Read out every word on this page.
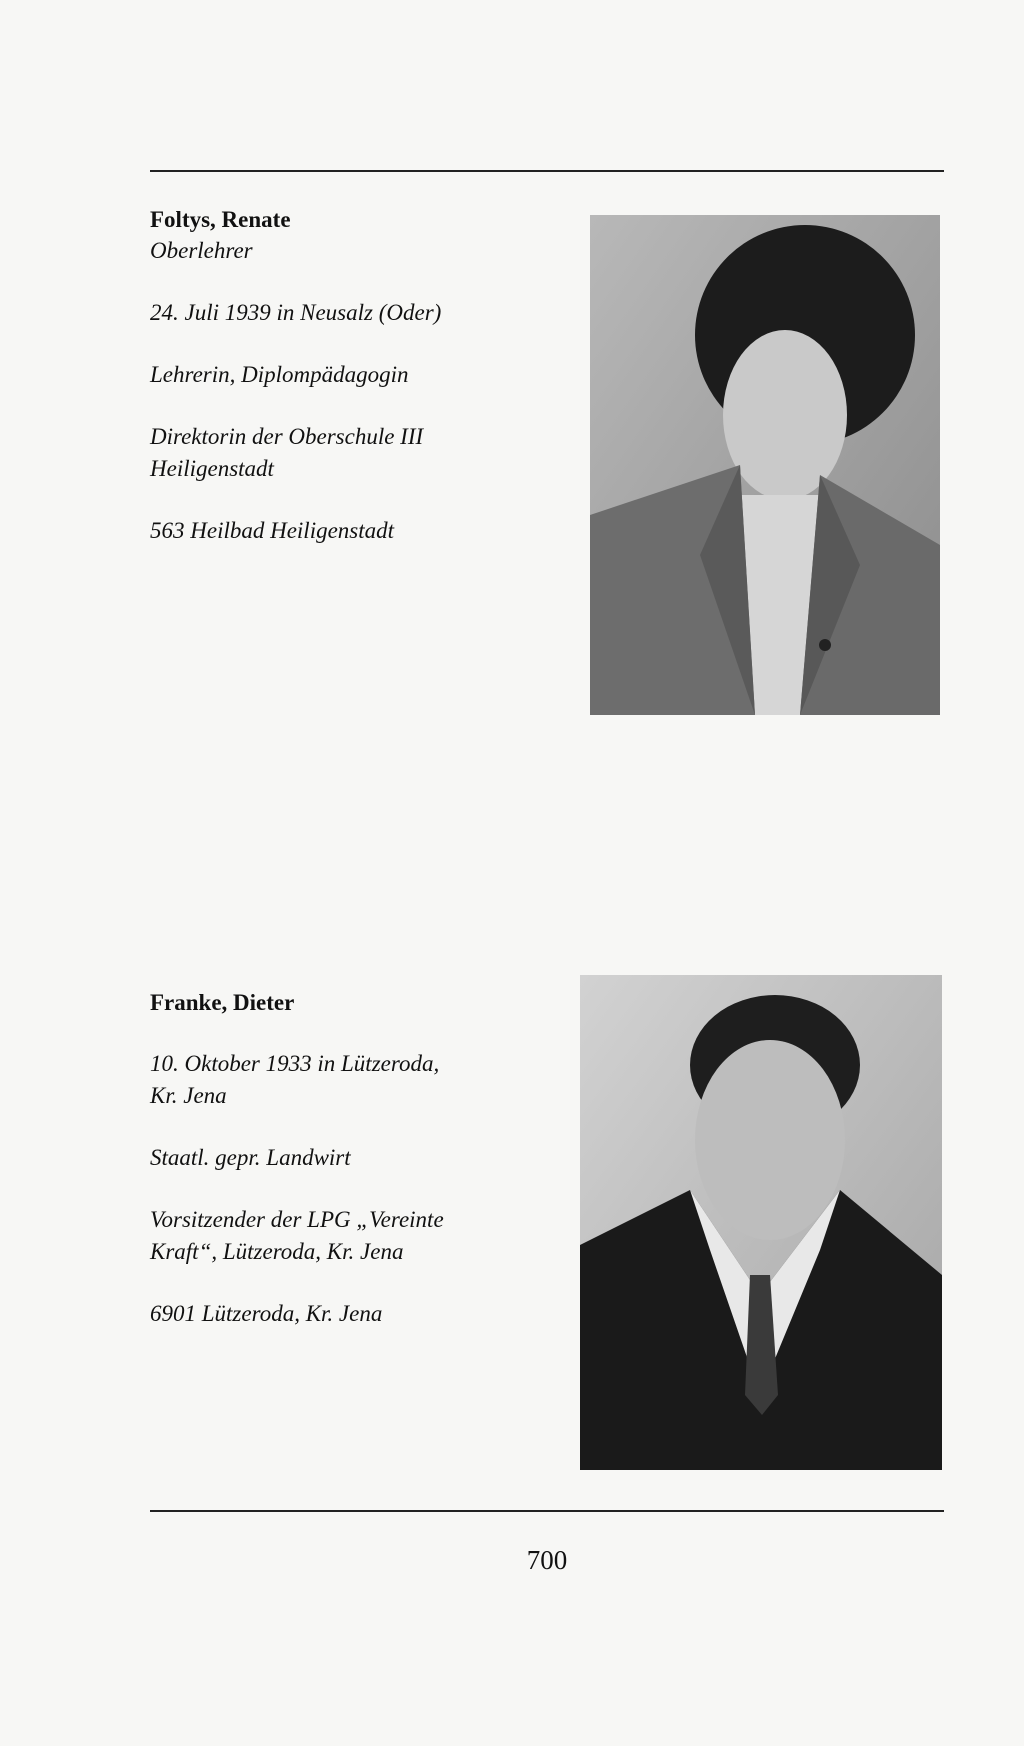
Foltys, Renate

Oberlehrer

24. Juli 1939 in Neusalz (Oder)

Lehrerin, Diplompädagogin

Direktorin der Oberschule III

Heiligenstadt

563 Heilbad Heiligenstadt

Franke, Dieter

10. Oktober 1933 in Lützeroda,

Kr. Jena

Staatl. gepr. Landwirt

Vorsitzender der LPG „Vereinte

Kraft“, Lützeroda, Kr. Jena

6901 Lützeroda, Kr. Jena

700
